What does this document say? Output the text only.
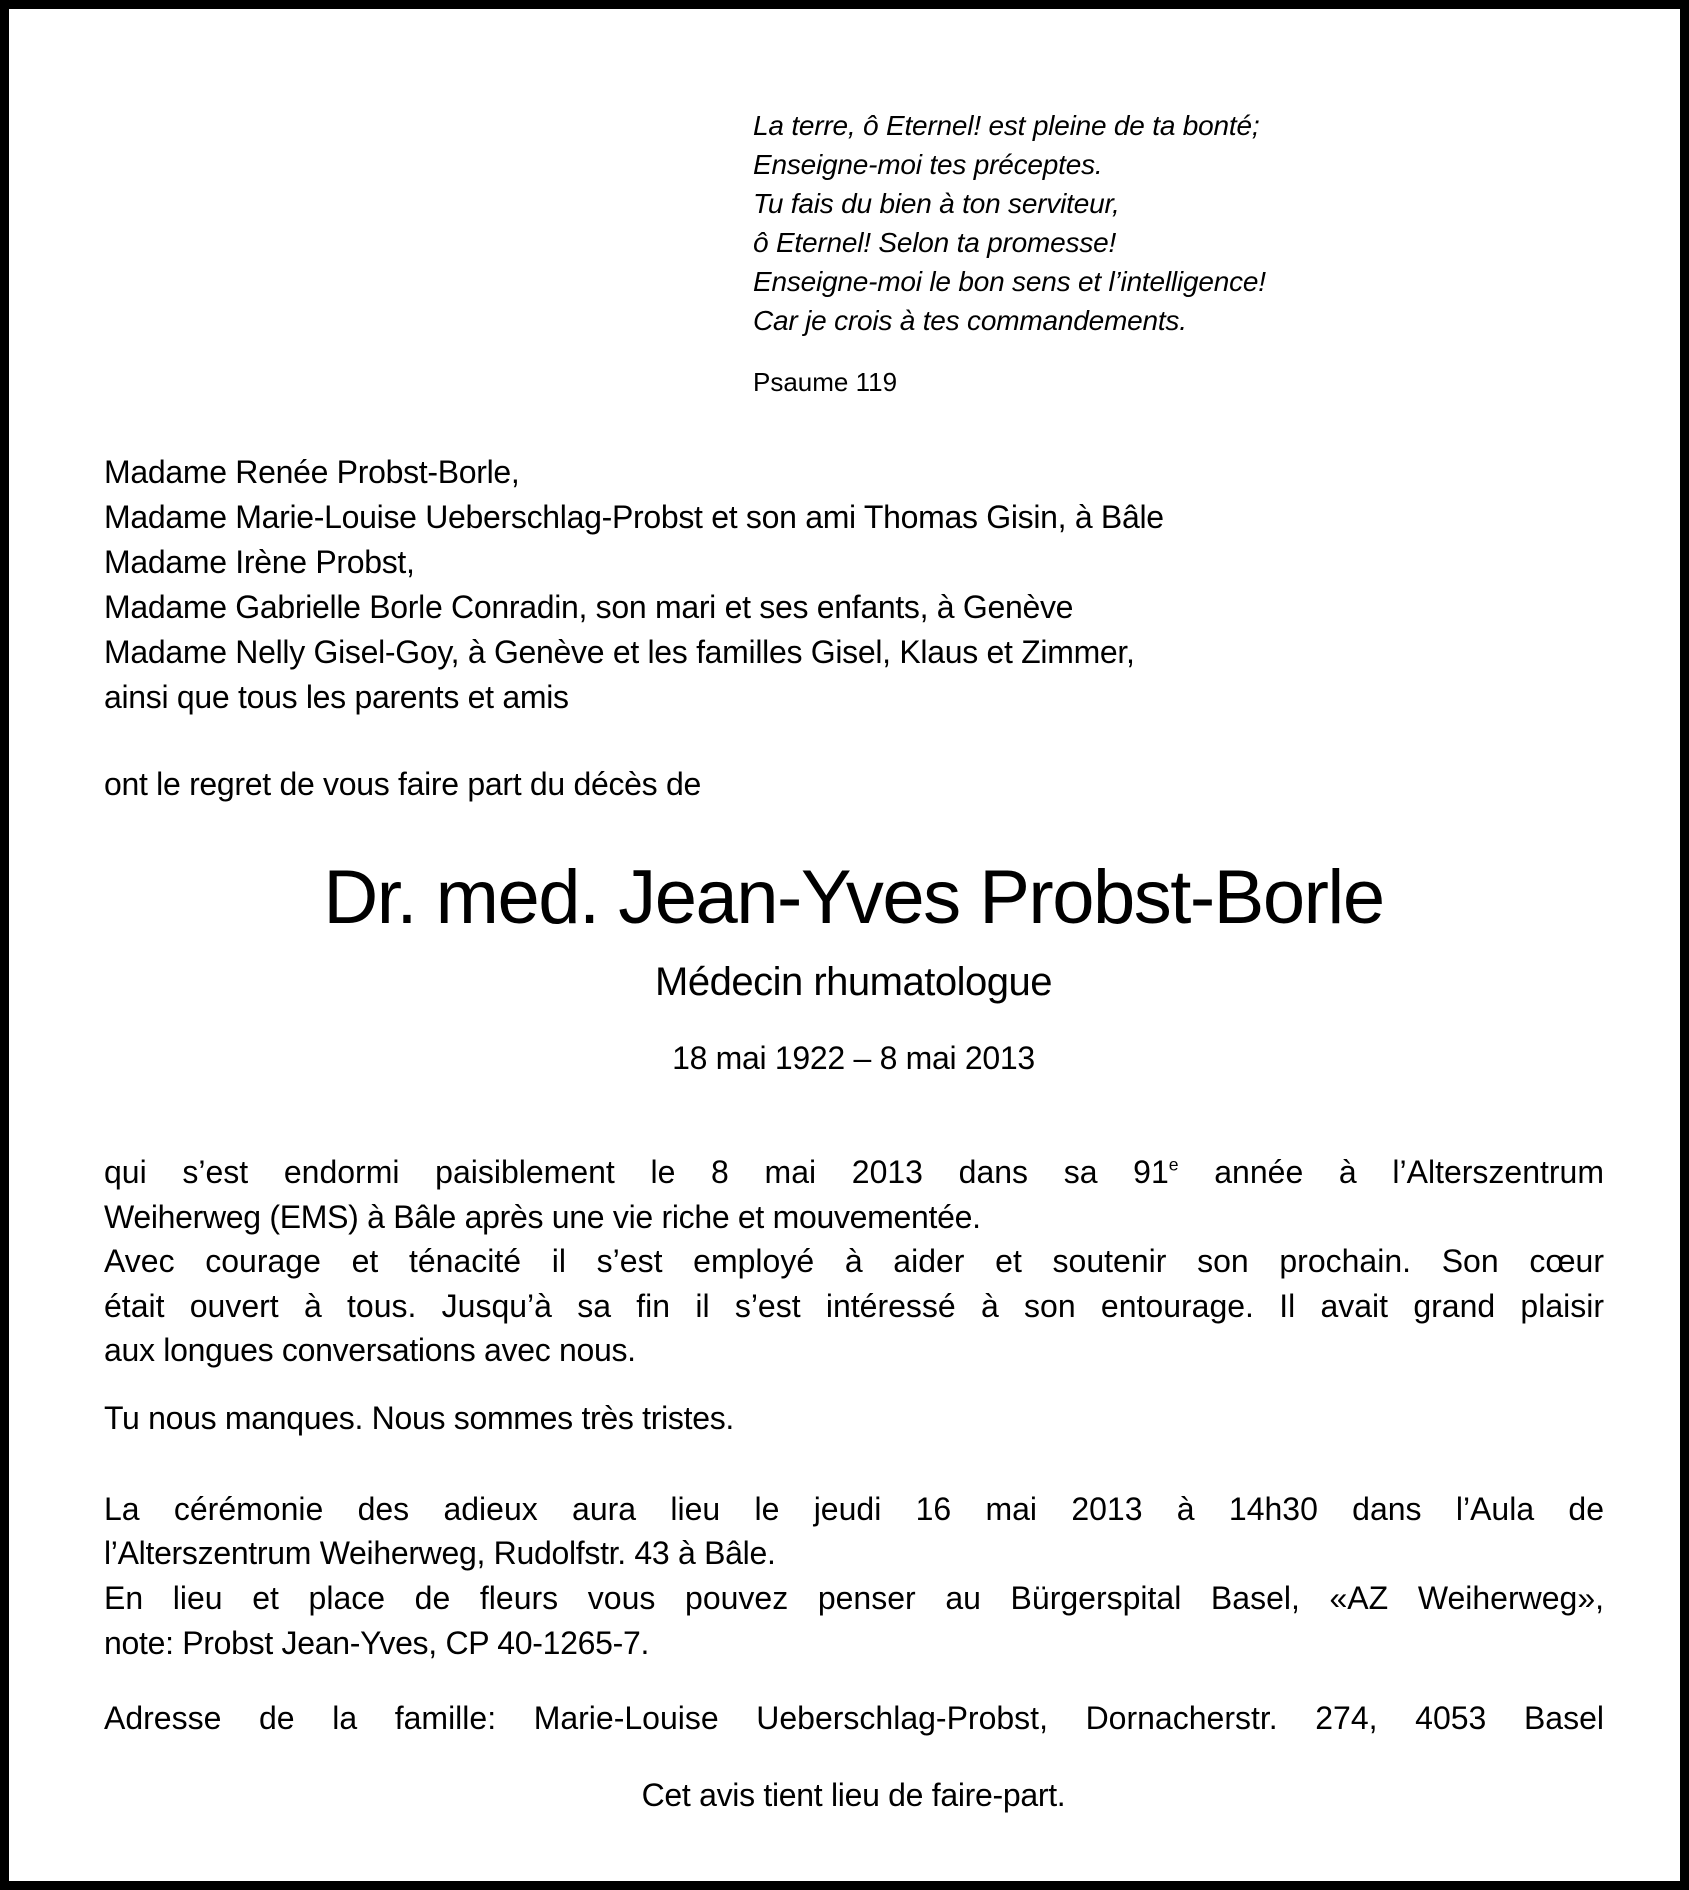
La terre, ô Eternel! est pleine de ta bonté;
Enseigne-moi tes préceptes.
Tu fais du bien à ton serviteur,
ô Eternel! Selon ta promesse!
Enseigne-moi le bon sens et l’intelligence!
Car je crois à tes commandements.
Psaume 119
Madame Renée Probst-Borle,
Madame Marie-Louise Ueberschlag-Probst et son ami Thomas Gisin, à Bâle
Madame Irène Probst,
Madame Gabrielle Borle Conradin, son mari et ses enfants, à Genève
Madame Nelly Gisel-Goy, à Genève et les familles Gisel, Klaus et Zimmer,
ainsi que tous les parents et amis
ont le regret de vous faire part du décès de
Dr. med. Jean-Yves Probst-Borle
Médecin rhumatologue
18 mai 1922 – 8 mai 2013
qui s’est endormi paisiblement le 8 mai 2013 dans sa 91e année à l’Alterszentrum
Weiherweg (EMS) à Bâle après une vie riche et mouvementée.
Avec courage et ténacité il s’est employé à aider et soutenir son prochain. Son cœur
était ouvert à tous. Jusqu’à sa fin il s’est intéressé à son entourage. Il avait grand plaisir
aux longues conversations avec nous.
Tu nous manques. Nous sommes très tristes.
La cérémonie des adieux aura lieu le jeudi 16 mai 2013 à 14h30 dans l’Aula de
l’Alterszentrum Weiherweg, Rudolfstr. 43 à Bâle.
En lieu et place de fleurs vous pouvez penser au Bürgerspital Basel, «AZ Weiherweg»,
note: Probst Jean-Yves, CP 40-1265-7.
Adresse de la famille: Marie-Louise Ueberschlag-Probst, Dornacherstr. 274, 4053 Basel
Cet avis tient lieu de faire-part.
